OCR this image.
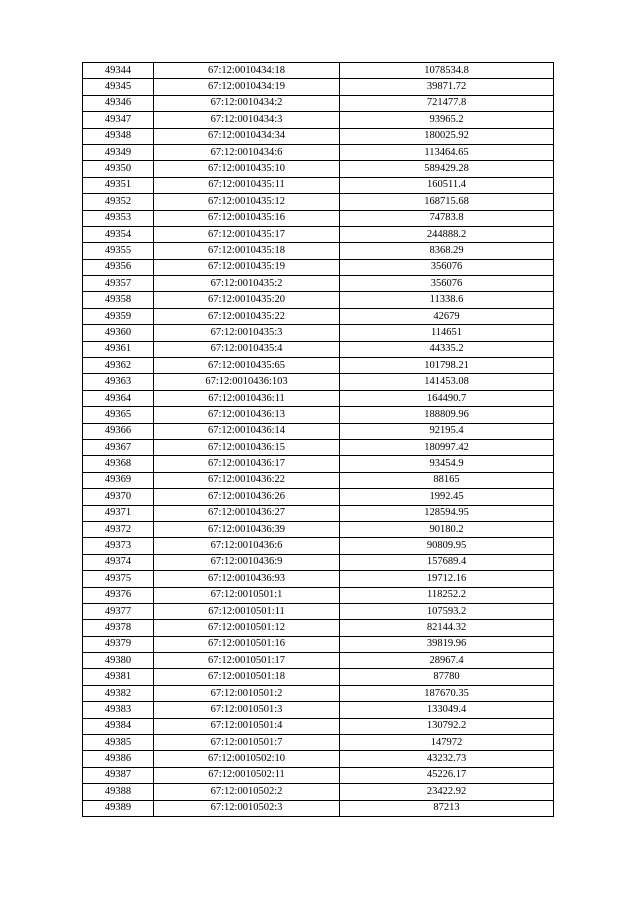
49344	67:12:0010434:18	1078534.8
49345	67:12:0010434:19	39871.72
49346	67:12:0010434:2	721477.8
49347	67:12:0010434:3	93965.2
49348	67:12:0010434:34	180025.92
49349	67:12:0010434:6	113464.65
49350	67:12:0010435:10	589429.28
49351	67:12:0010435:11	160511.4
49352	67:12:0010435:12	168715.68
49353	67:12:0010435:16	74783.8
49354	67:12:0010435:17	244888.2
49355	67:12:0010435:18	8368.29
49356	67:12:0010435:19	356076
49357	67:12:0010435:2	356076
49358	67:12:0010435:20	11338.6
49359	67:12:0010435:22	42679
49360	67:12:0010435:3	114651
49361	67:12:0010435:4	44335.2
49362	67:12:0010435:65	101798.21
49363	67:12:0010436:103	141453.08
49364	67:12:0010436:11	164490.7
49365	67:12:0010436:13	188809.96
49366	67:12:0010436:14	92195.4
49367	67:12:0010436:15	180997.42
49368	67:12:0010436:17	93454.9
49369	67:12:0010436:22	88165
49370	67:12:0010436:26	1992.45
49371	67:12:0010436:27	128594.95
49372	67:12:0010436:39	90180.2
49373	67:12:0010436:6	90809.95
49374	67:12:0010436:9	157689.4
49375	67:12:0010436:93	19712.16
49376	67:12:0010501:1	118252.2
49377	67:12:0010501:11	107593.2
49378	67:12:0010501:12	82144.32
49379	67:12:0010501:16	39819.96
49380	67:12:0010501:17	28967.4
49381	67:12:0010501:18	87780
49382	67:12:0010501:2	187670.35
49383	67:12:0010501:3	133049.4
49384	67:12:0010501:4	130792.2
49385	67:12:0010501:7	147972
49386	67:12:0010502:10	43232.73
49387	67:12:0010502:11	45226.17
49388	67:12:0010502:2	23422.92
49389	67:12:0010502:3	87213
